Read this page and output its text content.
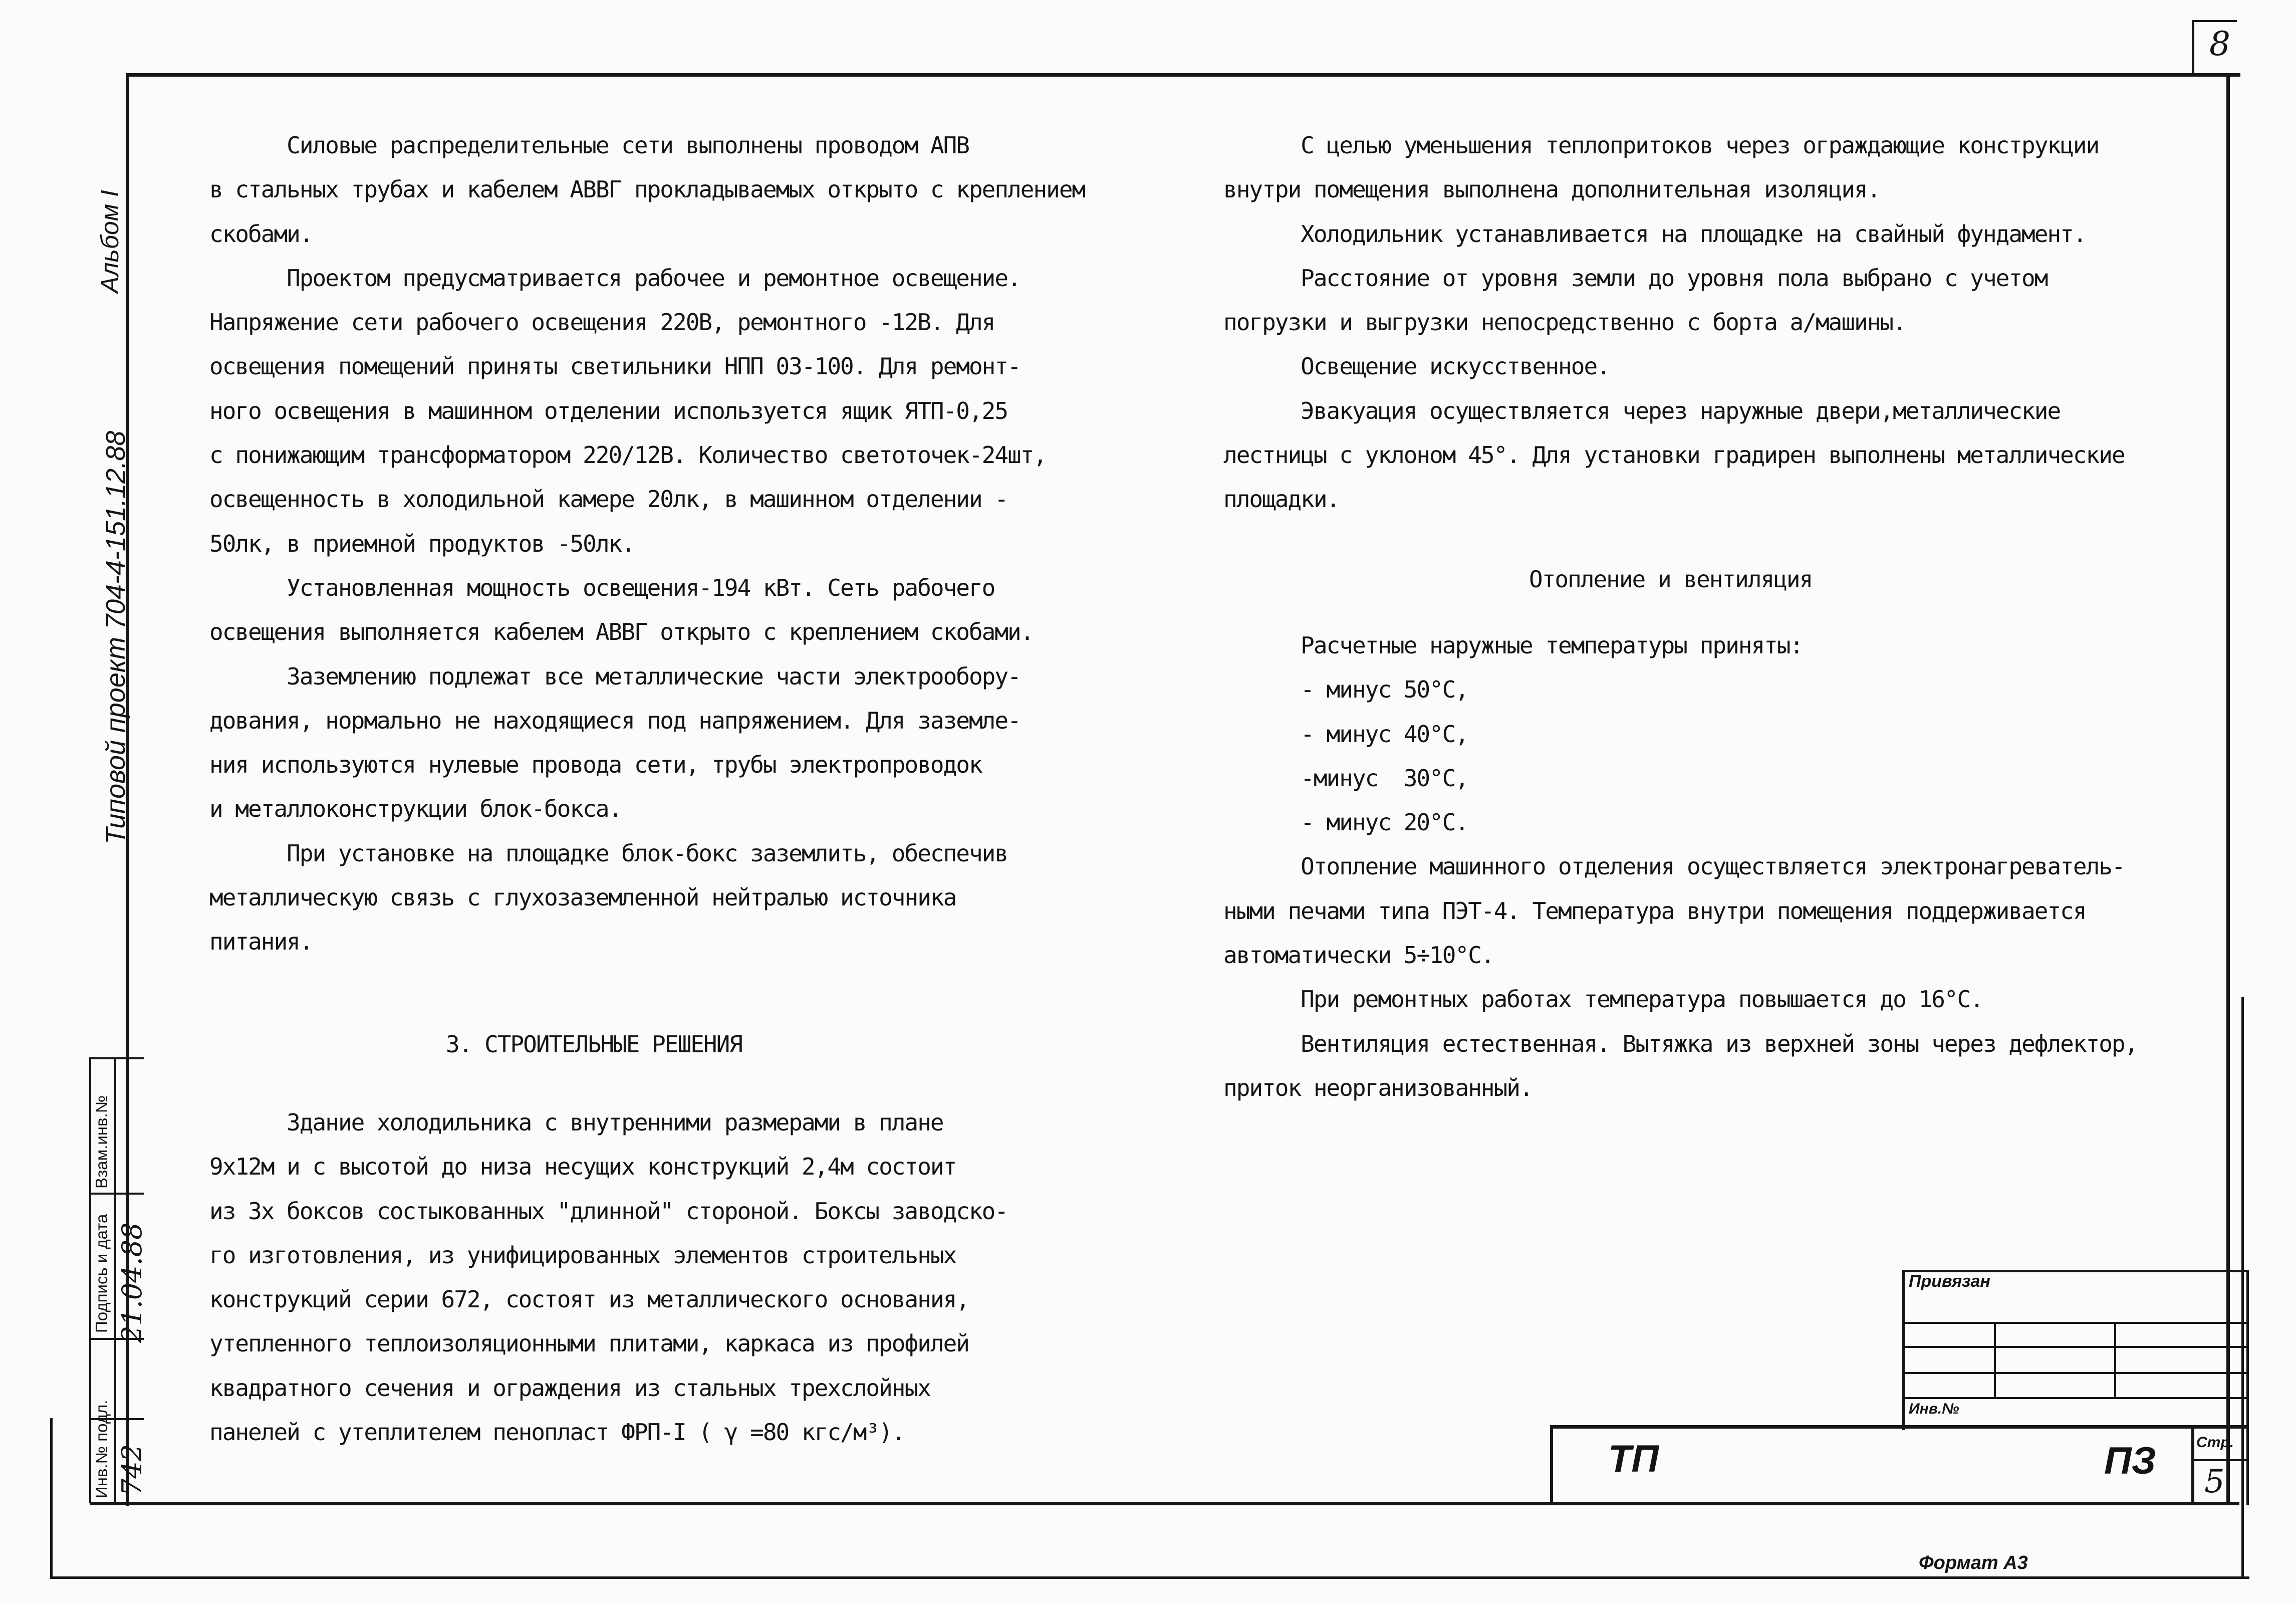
8
Альбом I
Типовой проект 704-4-151.12.88
Взам.инв.№
Подпись и дата
Инв.№ подл.
21.04.88
742
Силовые распределительные сети выполнены проводом АПВ
в стальных трубах и кабелем АВВГ прокладываемых открыто с креплением
скобами.
Проектом предусматривается рабочее и ремонтное освещение.
Напряжение сети рабочего освещения 220В, ремонтного -12В. Для
освещения помещений приняты светильники НПП 03-100. Для ремонт-
ного освещения в машинном отделении используется ящик ЯТП-0,25
с понижающим трансформатором 220/12В. Количество светоточек-24шт,
освещенность в холодильной камере 20лк, в машинном отделении -
50лк, в приемной продуктов -50лк.
Установленная мощность освещения-194 кВт. Сеть рабочего
освещения выполняется кабелем АВВГ открыто с креплением скобами.
Заземлению подлежат все металлические части электрообору-
дования, нормально не находящиеся под напряжением. Для заземле-
ния используются нулевые провода сети, трубы электропроводок
и металлоконструкции блок-бокса.
При установке на площадке блок-бокс заземлить, обеспечив
металлическую связь с глухозаземленной нейтралью источника
питания.
3. СТРОИТЕЛЬНЫЕ РЕШЕНИЯ
Здание холодильника с внутренними размерами в плане
9х12м и с высотой до низа несущих конструкций 2,4м состоит
из 3х боксов состыкованных "длинной" стороной. Боксы заводско-
го изготовления, из унифицированных элементов строительных
конструкций серии 672, состоят из металлического основания,
утепленного теплоизоляционными плитами, каркаса из профилей
квадратного сечения и ограждения из стальных трехслойных
панелей с утеплителем пенопласт ФРП-I ( γ =80 кгс/м³).
С целью уменьшения теплопритоков через ограждающие конструкции
внутри помещения выполнена дополнительная изоляция.
Холодильник устанавливается на площадке на свайный фундамент.
Расстояние от уровня земли до уровня пола выбрано с учетом
погрузки и выгрузки непосредственно с борта а/машины.
Освещение искусственное.
Эвакуация осуществляется через наружные двери,металлические
лестницы с уклоном 45°. Для установки градирен выполнены металлические
площадки.
Отопление и вентиляция
Расчетные наружные температуры приняты:
- минус 50°С,
- минус 40°С,
-минус  30°С,
- минус 20°С.
Отопление машинного отделения осуществляется электронагреватель-
ными печами типа ПЭТ-4. Температура внутри помещения поддерживается
автоматически 5÷10°С.
При ремонтных работах температура повышается до 16°С.
Вентиляция естественная. Вытяжка из верхней зоны через дефлектор,
приток неорганизованный.
Привязан
Инв.№
ТП	ПЗ	Стр.
5
Формат А3
